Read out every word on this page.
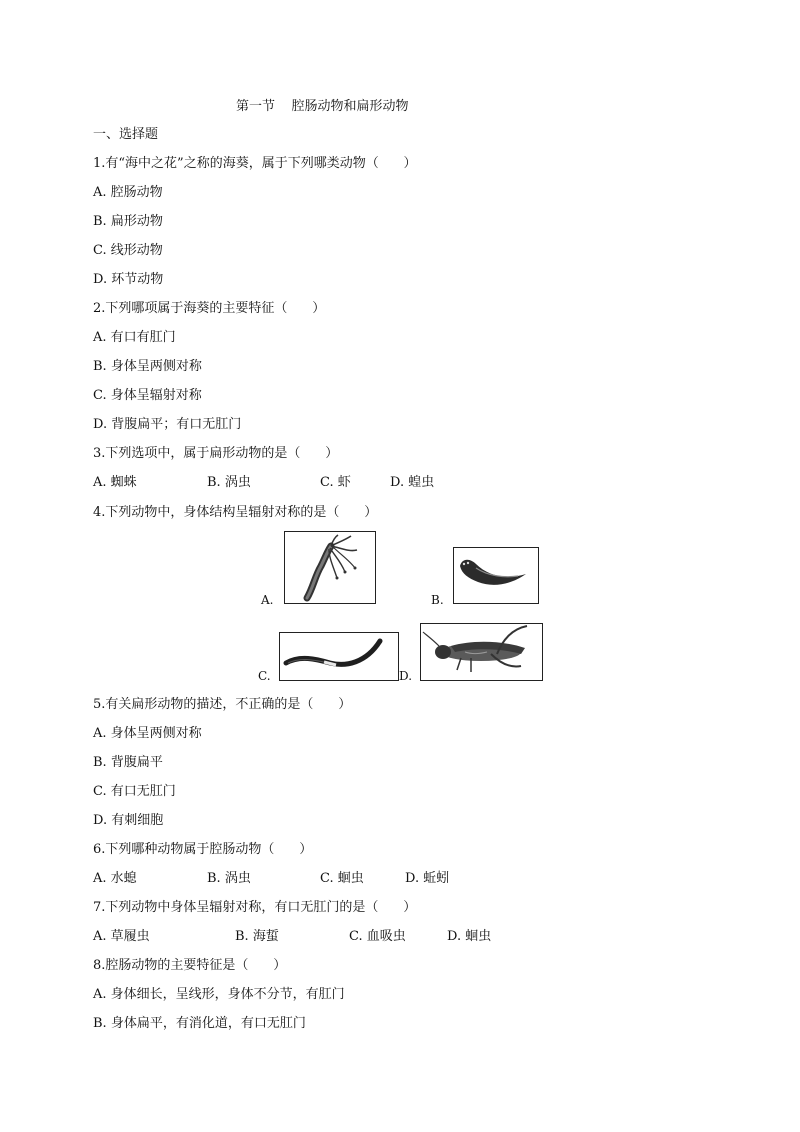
第一节    腔肠动物和扁形动物
一、选择题
1.有“海中之花”之称的海葵，属于下列哪类动物（      ）
A. 腔肠动物
B. 扁形动物
C. 线形动物
D. 环节动物
2.下列哪项属于海葵的主要特征（      ）
A. 有口有肛门
B. 身体呈两侧对称
C. 身体呈辐射对称
D. 背腹扁平；有口无肛门
3.下列选项中，属于扁形动物的是（      ）
A. 蜘蛛	B. 涡虫	C. 虾	D. 蝗虫
4.下列动物中，身体结构呈辐射对称的是（      ）
A.	B.
C.	D.
5.有关扁形动物的描述，不正确的是（      ）
A. 身体呈两侧对称
B. 背腹扁平
C. 有口无肛门
D. 有刺细胞
6.下列哪种动物属于腔肠动物（      ）
A. 水螅	B. 涡虫	C. 蛔虫	D. 蚯蚓
7.下列动物中身体呈辐射对称，有口无肛门的是（      ）
A. 草履虫	B. 海蜇	C. 血吸虫	D. 蛔虫
8.腔肠动物的主要特征是（      ）
A. 身体细长，呈线形，身体不分节，有肛门
B. 身体扁平，有消化道，有口无肛门
